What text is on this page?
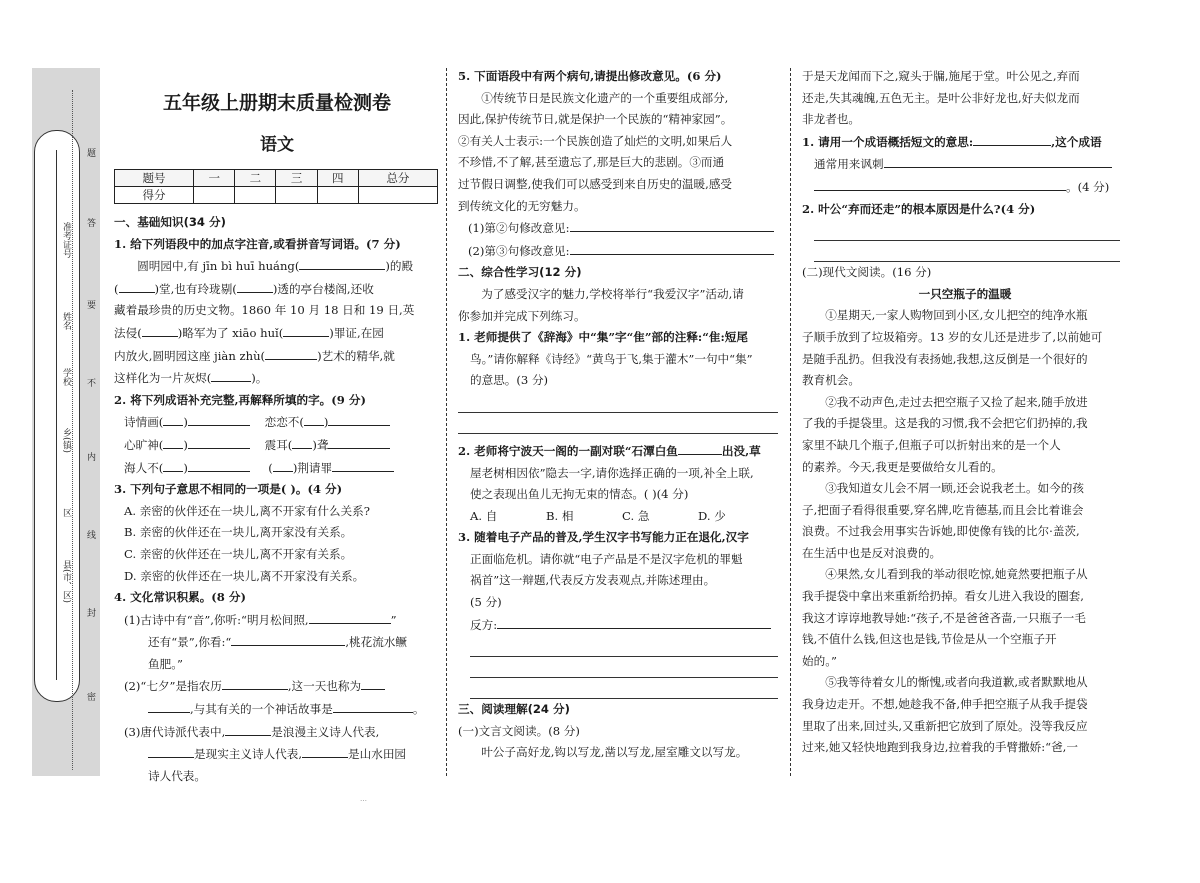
题
答
要
不
内
线
封
密
准考证号
姓名
学校
乡(镇)
区
县(市、区)
五年级上册期末质量检测卷
语文
题号	一	二	三	四	总分
得分					

一、基础知识(34 分)

1. 给下列语段中的加点字注音,或看拼音写词语。(7 分)

圆明园中,有 jīn bì huī huáng(	)的殿

(	)堂,也有玲珑剔(	)透的亭台楼阁,还收

藏着最珍贵的历史文物。1860 年 10 月 18 日和 19 日,英

法侵(	)略军为了 xiāo huǐ(	)罪证,在园

内放火,圆明园这座 jiàn zhù(	)艺术的精华,就

这样化为一片灰烬(	)。

2. 将下列成语补充完整,再解释所填的字。(9 分)

诗情画( )	恋恋不( )

心旷神( )	震耳( )聋

海人不( )	( )荆请罪

3. 下列句子意思不相同的一项是( )。(4 分)

A. 亲密的伙伴还在一块儿,离不开家有什么关系?

B. 亲密的伙伴还在一块儿,离开家没有关系。

C. 亲密的伙伴还在一块儿,离不开家有关系。

D. 亲密的伙伴还在一块儿,离不开家没有关系。

4. 文化常识积累。(8 分)

(1)古诗中有“音”,你听:“明月松间照,	”

还有“景”,你看:“	,桃花流水鳜

鱼肥。”

(2)“七夕”是指农历	,这一天也称为

,与其有关的一个神话故事是	。

(3)唐代诗派代表中,	是浪漫主义诗人代表,

是现实主义诗人代表,	是山水田园

诗人代表。

5. 下面语段中有两个病句,请提出修改意见。(6 分)

①传统节日是民族文化遗产的一个重要组成部分,

因此,保护传统节日,就是保护一个民族的“精神家园”。

②有关人士表示:一个民族创造了灿烂的文明,如果后人

不珍惜,不了解,甚至遗忘了,那是巨大的悲剧。③而通

过节假日调整,使我们可以感受到来自历史的温暖,感受

到传统文化的无穷魅力。

(1)第②句修改意见:

(2)第③句修改意见:

二、综合性学习(12 分)

为了感受汉字的魅力,学校将举行“我爱汉字”活动,请

你参加并完成下列练习。

1. 老师提供了《辞海》中“集”字“隹”部的注释:“隹:短尾

鸟。”请你解释《诗经》“黄鸟于飞,集于灌木”一句中“集”

的意思。(3 分)

2. 老师将宁波天一阁的一副对联“石潭白鱼	出没,草

屋老树相因依”隐去一字,请你选择正确的一项,补全上联,

使之表现出鱼儿无拘无束的情态。( )(4 分)

A. 自	B. 相	C. 急	D. 少

3. 随着电子产品的普及,学生汉字书写能力正在退化,汉字

正面临危机。请你就“电子产品是不是汉字危机的罪魁

祸首”这一辩题,代表反方发表观点,并陈述理由。

(5 分)

反方:

三、阅读理解(24 分)

(一)文言文阅读。(8 分)

叶公子高好龙,钩以写龙,凿以写龙,屋室雕文以写龙。

于是天龙闻而下之,窥头于牖,施尾于堂。叶公见之,弃而

还走,失其魂魄,五色无主。是叶公非好龙也,好夫似龙而

非龙者也。

1. 请用一个成语概括短文的意思:	,这个成语

通常用来讽刺

。(4 分)

2. 叶公“弃而还走”的根本原因是什么?(4 分)

(二)现代文阅读。(16 分)

一只空瓶子的温暖

①星期天,一家人购物回到小区,女儿把空的纯净水瓶

子顺手放到了垃圾箱旁。13 岁的女儿还是进步了,以前她可

是随手乱扔。但我没有表扬她,我想,这反倒是一个很好的

教育机会。

②我不动声色,走过去把空瓶子又捡了起来,随手放进

了我的手提袋里。这是我的习惯,我不会把它们扔掉的,我

家里不缺几个瓶子,但瓶子可以折射出来的是一个人

的素养。今天,我更是要做给女儿看的。

③我知道女儿会不屑一顾,还会说我老土。如今的孩

子,把面子看得很重要,穿名牌,吃肯德基,而且会比着谁会

浪费。不过我会用事实告诉她,即使像有钱的比尔·盖茨,

在生活中也是反对浪费的。

④果然,女儿看到我的举动很吃惊,她竟然要把瓶子从

我手提袋中拿出来重新给扔掉。看女儿进入我设的圈套,

我这才谆谆地教导她:“孩子,不是爸爸吝啬,一只瓶子一毛

钱,不值什么钱,但这也是钱,节俭是从一个空瓶子开

始的。”

⑤我等待着女儿的惭愧,或者向我道歉,或者默默地从

我身边走开。不想,她趁我不备,伸手把空瓶子从我手提袋

里取了出来,回过头,又重新把它放到了原处。没等我反应

过来,她又轻快地跑到我身边,拉着我的手臂撒娇:“爸,一

…
